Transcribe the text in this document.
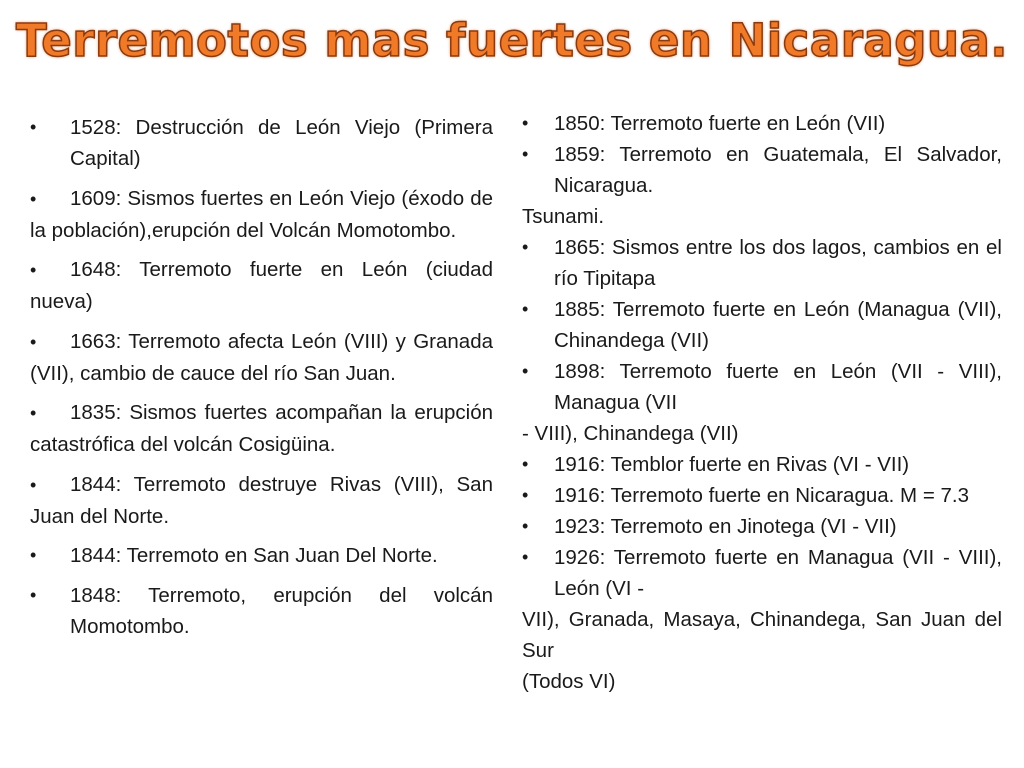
Terremotos mas fuertes en Nicaragua.
•	1528: Destrucción de León Viejo (Primera Capital)
• 1609: Sismos fuertes en León Viejo (éxodo de la población),erupción del Volcán Momotombo.
• 1648: Terremoto fuerte en León (ciudad nueva)
• 1663: Terremoto afecta León (VIII) y Granada (VII), cambio de cauce del río San Juan.
• 1835: Sismos fuertes acompañan la erupción catastrófica del volcán Cosigüina.
• 1844: Terremoto destruye Rivas (VIII), San Juan del Norte.
•	1844: Terremoto en San Juan Del Norte.
•	1848: Terremoto, erupción del volcán Momotombo.
•	1850: Terremoto fuerte en León (VII)
•	1859: Terremoto en Guatemala, El Salvador, Nicaragua.
Tsunami.
•	1865: Sismos entre los dos lagos, cambios en el río Tipitapa
•	1885: Terremoto fuerte en León (Managua (VII), Chinandega (VII)
•	1898: Terremoto fuerte en León (VII - VIII), Managua (VII
- VIII), Chinandega (VII)
•	1916: Temblor fuerte en Rivas (VI - VII)
•	1916: Terremoto fuerte en Nicaragua. M = 7.3
•	1923: Terremoto en Jinotega (VI - VII)
•	1926: Terremoto fuerte en Managua (VII - VIII), León (VI -
VII), Granada, Masaya, Chinandega, San Juan del Sur
(Todos VI)
